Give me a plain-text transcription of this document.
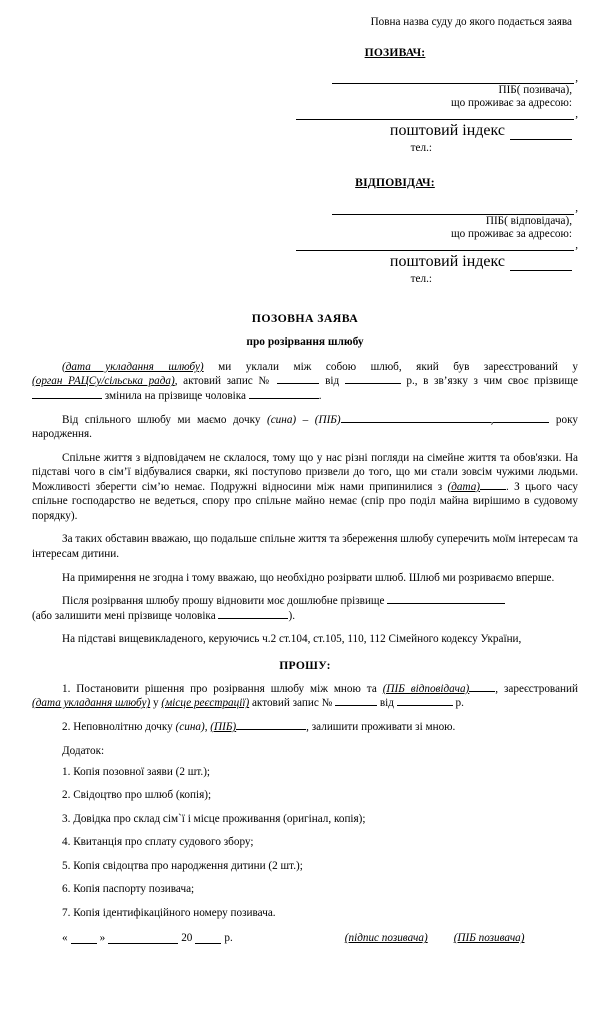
Повна назва суду до якого подається заява
ПОЗИВАЧ:
,
ПІБ( позивача),
що проживає за адресою:
,
поштовий індекс
тел.:
ВІДПОВІДАЧ:
,
ПІБ( відповідача),
що проживає за адресою:
,
поштовий індекс
тел.:
ПОЗОВНА ЗАЯВА
про розірвання шлюбу

(дата укладання шлюбу) ми уклали між собою шлюб, який був зареєстрований у (орган РАЦСу/сільська рада), актовий запис №	від	р., в зв’язку з чим своє прізвище  змінила на прізвище чоловіка	.

Від спільного шлюбу ми маємо дочку (сина) – (ПІБ)	,	року народження.

Спільне життя з відповідачем не склалося, тому що у нас різні погляди на сімейне життя та обов'язки. На підставі чого в сім’ї відбувалися сварки, які поступово призвели до того, що ми стали зовсім чужими людьми. Можливості зберегти сім’ю немає. Подружні відносини між нами припинилися з (дата) . З цього часу спільне господарство не ведеться, спору про спільне майно немає (спір про поділ майна вирішимо в судовому порядку).

За таких обставин вважаю, що подальше спільне життя та збереження шлюбу суперечить моїм інтересам та інтересам дитини.

На примирення не згодна і тому вважаю, що необхідно розірвати шлюб. Шлюб ми розриваємо вперше.

Після розірвання шлюбу прошу відновити моє дошлюбне прізвище
(або залишити мені прізвище чоловіка	).

На підставі вищевикладеного, керуючись ч.2 ст.104, ст.105, 110, 112 Сімейного кодексу України,

ПРОШУ:

1. Постановити рішення про розірвання шлюбу між мною та (ПІБ відповідача) , зареєстрований (дата укладання шлюбу) у (місце реєстрації) актовий запис №	від	р.

2. Неповнолітню дочку (сина), (ПІБ)	, залишити проживати зі мною.

Додаток:
1. Копія позовної заяви (2 шт.);
2. Свідоцтво про шлюб (копія);
3. Довідка про склад сім`ї і місце проживання (оригінал, копія);
4. Квитанція про сплату судового збору;
5. Копія свідоцтва про народження дитини (2 шт.);
6. Копія паспорту позивача;
7. Копія ідентифікаційного номеру позивача.
«	»	20	р.	(підпис позивача) (ПІБ позивача)
